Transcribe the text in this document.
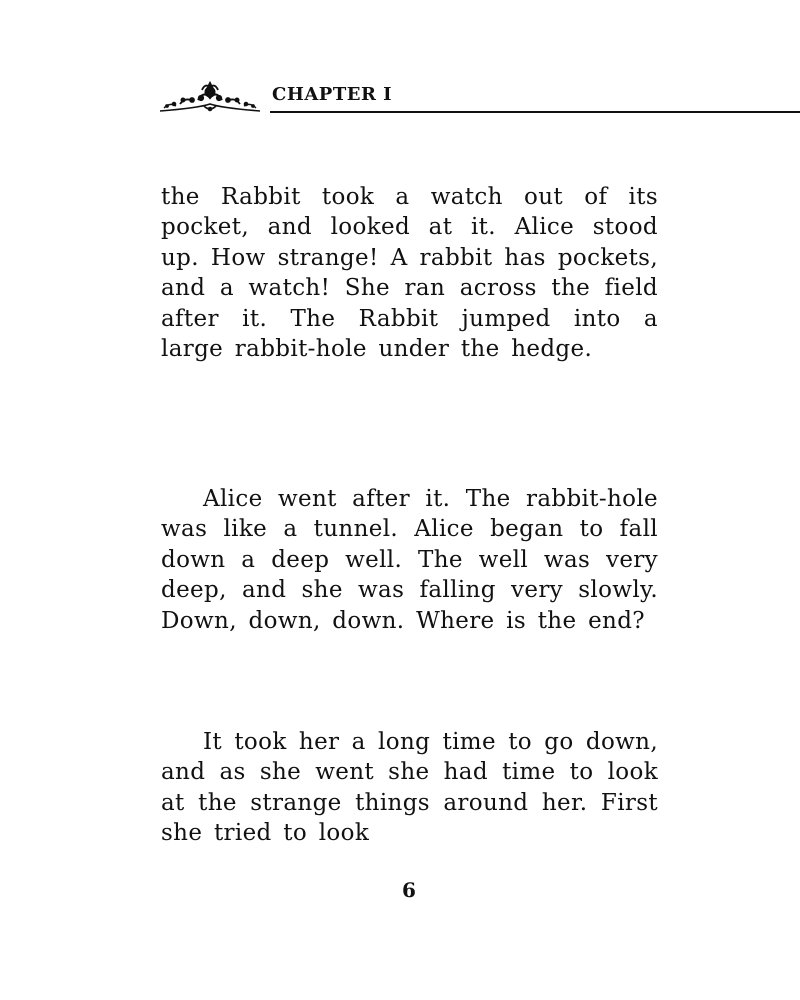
CHAPTER I

the Rabbit took a watch out of its pocket, and looked at it. Alice stood up. How strange! A rabbit has pockets, and a watch! She ran across the field after it. The Rabbit jumped into a large rabbit-hole under the hedge.

Alice went after it. The rabbit-hole was like a tunnel. Alice began to fall down a deep well. The well was very deep, and she was falling very slowly. Down, down, down. Where is the end?

It took her a long time to go down, and as she went she had time to look at the strange things around her. First she tried to look

6
